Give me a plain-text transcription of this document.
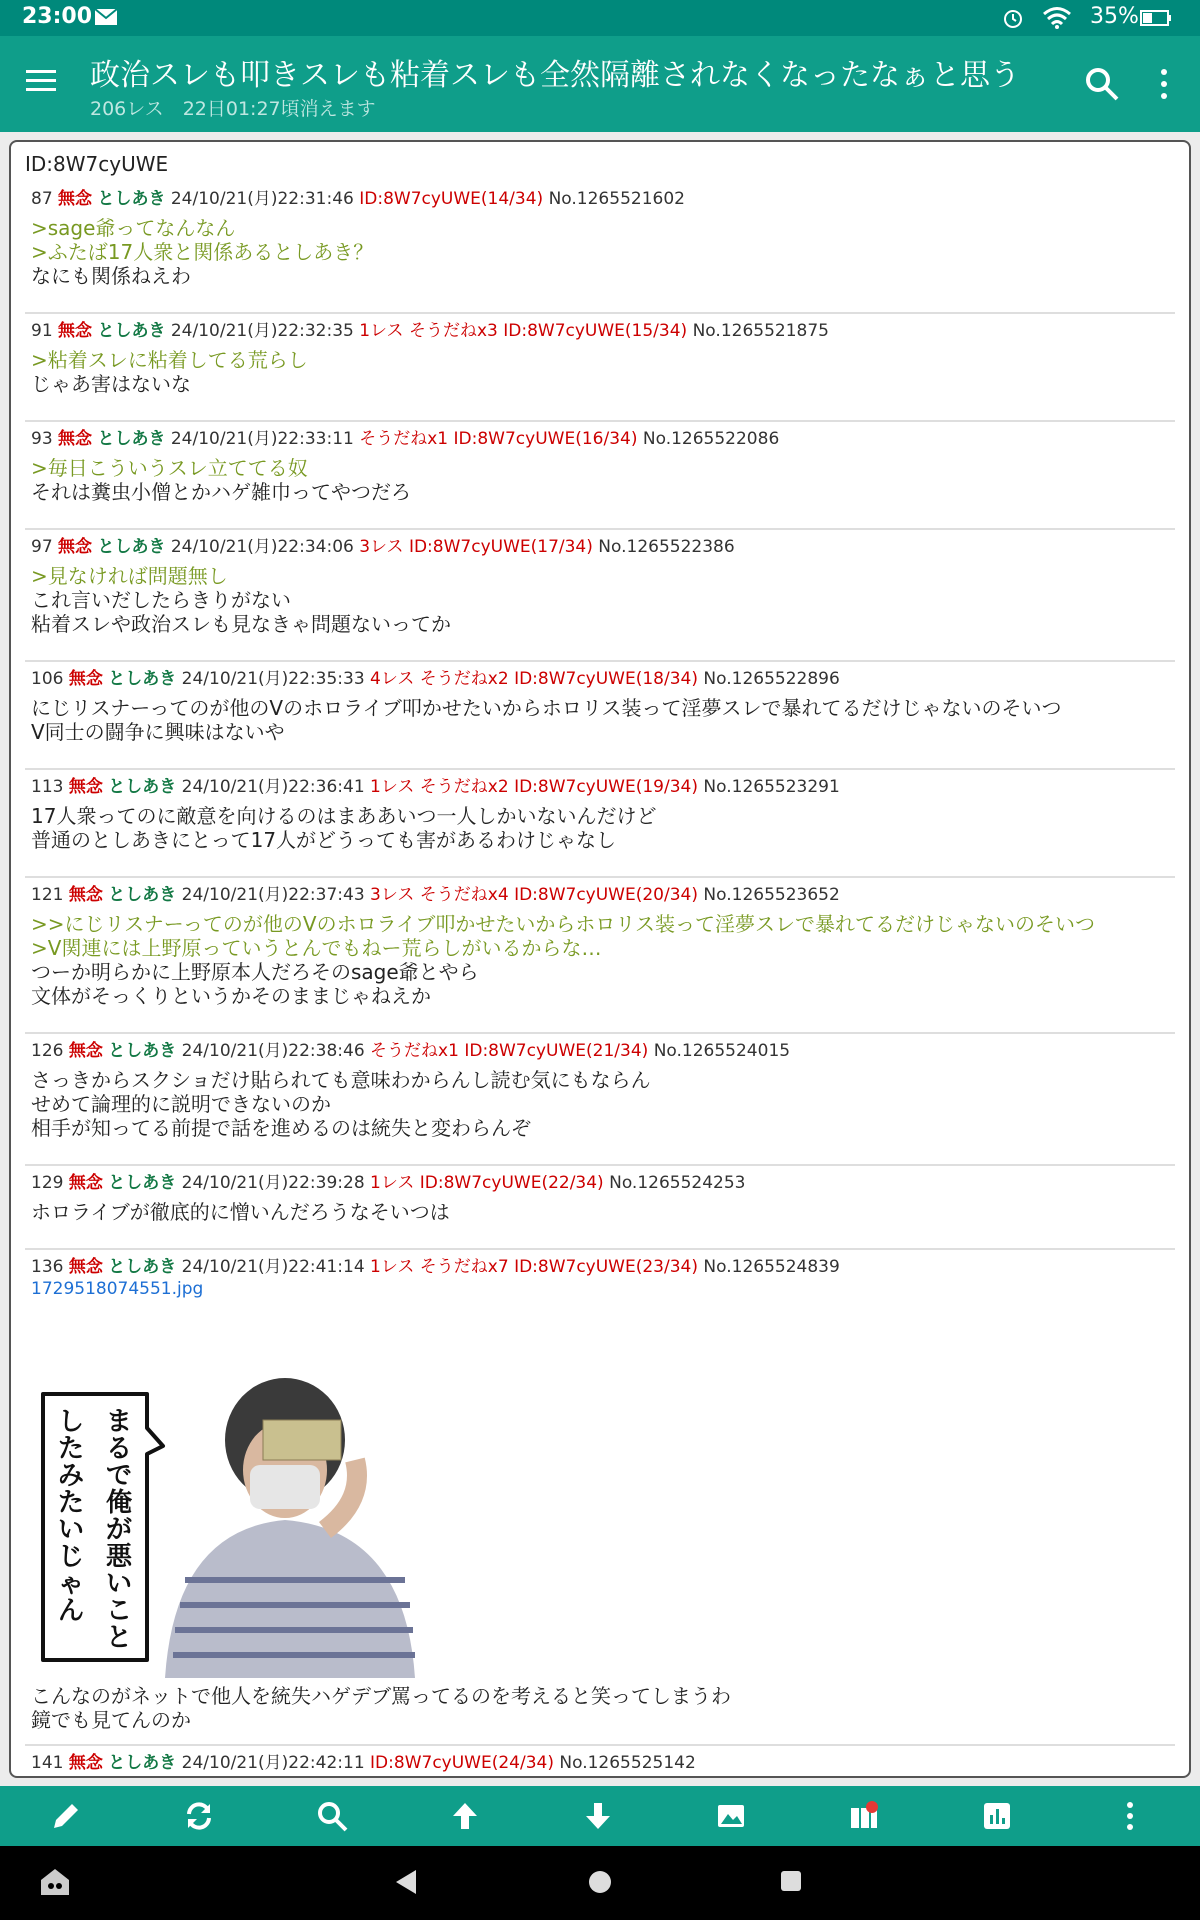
23:00	35%
政治スレも叩きスレも粘着スレも全然隔離されなくなったなぁと思う
206レス　22日01:27頃消えます
ID:8W7cyUWE
87 無念 としあき 24/10/21(月)22:31:46 ID:8W7cyUWE(14/34) No.1265521602
>sage爺ってなんなん
>ふたば17人衆と関係あるとしあき？
なにも関係ねえわ
91 無念 としあき 24/10/21(月)22:32:35 1レス そうだねx3 ID:8W7cyUWE(15/34) No.1265521875
>粘着スレに粘着してる荒らし
じゃあ害はないな
93 無念 としあき 24/10/21(月)22:33:11 そうだねx1 ID:8W7cyUWE(16/34) No.1265522086
>毎日こういうスレ立ててる奴
それは糞虫小僧とかハゲ雑巾ってやつだろ
97 無念 としあき 24/10/21(月)22:34:06 3レス ID:8W7cyUWE(17/34) No.1265522386
>見なければ問題無し
これ言いだしたらきりがない
粘着スレや政治スレも見なきゃ問題ないってか
106 無念 としあき 24/10/21(月)22:35:33 4レス そうだねx2 ID:8W7cyUWE(18/34) No.1265522896
にじリスナーってのが他のVのホロライブ叩かせたいからホロリス装って淫夢スレで暴れてるだけじゃないのそいつ
V同士の闘争に興味はないや
113 無念 としあき 24/10/21(月)22:36:41 1レス そうだねx2 ID:8W7cyUWE(19/34) No.1265523291
17人衆ってのに敵意を向けるのはまああいつ一人しかいないんだけど
普通のとしあきにとって17人がどうっても害があるわけじゃなし
121 無念 としあき 24/10/21(月)22:37:43 3レス そうだねx4 ID:8W7cyUWE(20/34) No.1265523652
>>にじリスナーってのが他のVのホロライブ叩かせたいからホロリス装って淫夢スレで暴れてるだけじゃないのそいつ
>V関連には上野原っていうとんでもねー荒らしがいるからな…
つーか明らかに上野原本人だろそのsage爺とやら
文体がそっくりというかそのままじゃねえか
126 無念 としあき 24/10/21(月)22:38:46 そうだねx1 ID:8W7cyUWE(21/34) No.1265524015
さっきからスクショだけ貼られても意味わからんし読む気にもならん
せめて論理的に説明できないのか
相手が知ってる前提で話を進めるのは統失と変わらんぞ
129 無念 としあき 24/10/21(月)22:39:28 1レス ID:8W7cyUWE(22/34) No.1265524253
ホロライブが徹底的に憎いんだろうなそいつは
136 無念 としあき 24/10/21(月)22:41:14 1レス そうだねx7 ID:8W7cyUWE(23/34) No.1265524839
1729518074551.jpg
こんなのがネットで他人を統失ハゲデブ罵ってるのを考えると笑ってしまうわ
鏡でも見てんのか
141 無念 としあき 24/10/21(月)22:42:11 ID:8W7cyUWE(24/34) No.1265525142
ま
る
で
俺
が
悪
い
こ
と
し
た
み
た
い
じ
ゃ
ん
